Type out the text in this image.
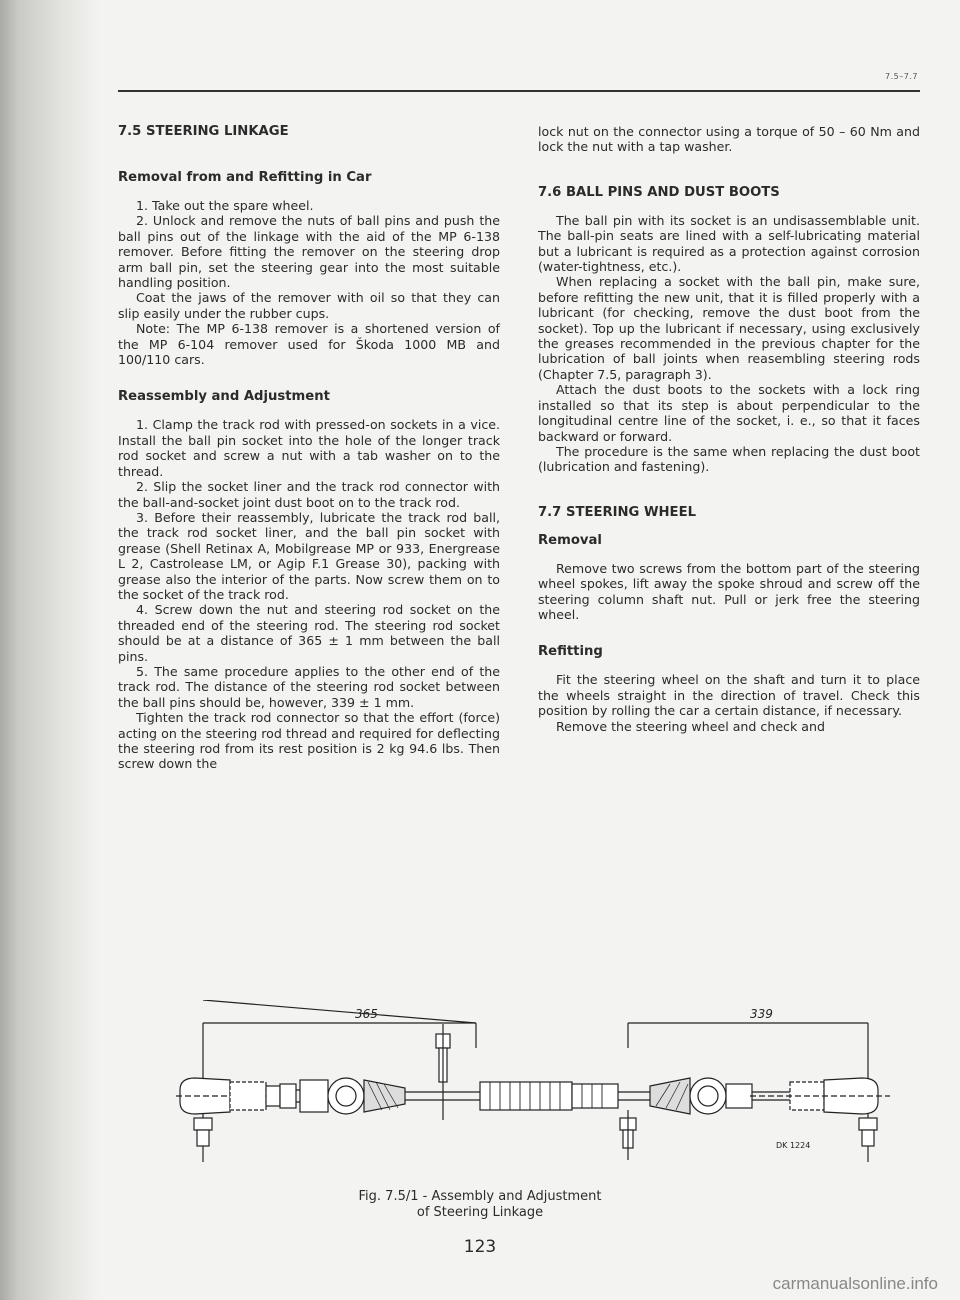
7.5–7.7
7.5 STEERING LINKAGE
Removal from and Refitting in Car

1. Take out the spare wheel.

2. Unlock and remove the nuts of ball pins and push the ball pins out of the linkage with the aid of the MP 6-138 remover. Before fitting the remover on the steering drop arm ball pin, set the steering gear into the most suitable handling position.

Coat the jaws of the remover with oil so that they can slip easily under the rubber cups.

Note: The MP 6-138 remover is a shortened version of the MP 6-104 remover used for Škoda 1000 MB and 100/110 cars.

Reassembly and Adjustment

1. Clamp the track rod with pressed-on sockets in a vice. Install the ball pin socket into the hole of the longer track rod socket and screw a nut with a tab washer on to the thread.

2. Slip the socket liner and the track rod connector with the ball-and-socket joint dust boot on to the track rod.

3. Before their reassembly, lubricate the track rod ball, the track rod socket liner, and the ball pin socket with grease (Shell Retinax A, Mobilgrease MP or 933, Energrease L 2, Castrolease LM, or Agip F.1 Grease 30), packing with grease also the interior of the parts. Now screw them on to the socket of the track rod.

4. Screw down the nut and steering rod socket on the threaded end of the steering rod. The steering rod socket should be at a distance of 365 ± 1 mm between the ball pins.

5. The same procedure applies to the other end of the track rod. The distance of the steering rod socket between the ball pins should be, however, 339 ± 1 mm.

Tighten the track rod connector so that the effort (force) acting on the steering rod thread and required for deflecting the steering rod from its rest position is 2 kg 94.6 lbs. Then screw down the

lock nut on the connector using a torque of 50 – 60 Nm and lock the nut with a tap washer.

7.6 BALL PINS AND DUST BOOTS

The ball pin with its socket is an undisassemblable unit. The ball-pin seats are lined with a self-lubricating material but a lubricant is required as a protection against corrosion (water-tightness, etc.).

When replacing a socket with the ball pin, make sure, before refitting the new unit, that it is filled properly with a lubricant (for checking, remove the dust boot from the socket). Top up the lubricant if necessary, using exclusively the greases recommended in the previous chapter for the lubrication of ball joints when reasembling steering rods (Chapter 7.5, paragraph 3).

Attach the dust boots to the sockets with a lock ring installed so that its step is about perpendicular to the longitudinal centre line of the socket, i. e., so that it faces backward or forward.

The procedure is the same when replacing the dust boot (lubrication and fastening).

7.7 STEERING WHEEL
Removal

Remove two screws from the bottom part of the steering wheel spokes, lift away the spoke shroud and screw off the steering column shaft nut. Pull or jerk free the steering wheel.

Refitting

Fit the steering wheel on the shaft and turn it to place the wheels straight in the direction of travel. Check this position by rolling the car a certain distance, if necessary.

Remove the steering wheel and check and

365	339
DK 1224
Fig. 7.5/1 - Assembly and Adjustment
of Steering Linkage
123
carmanualsonline.info
